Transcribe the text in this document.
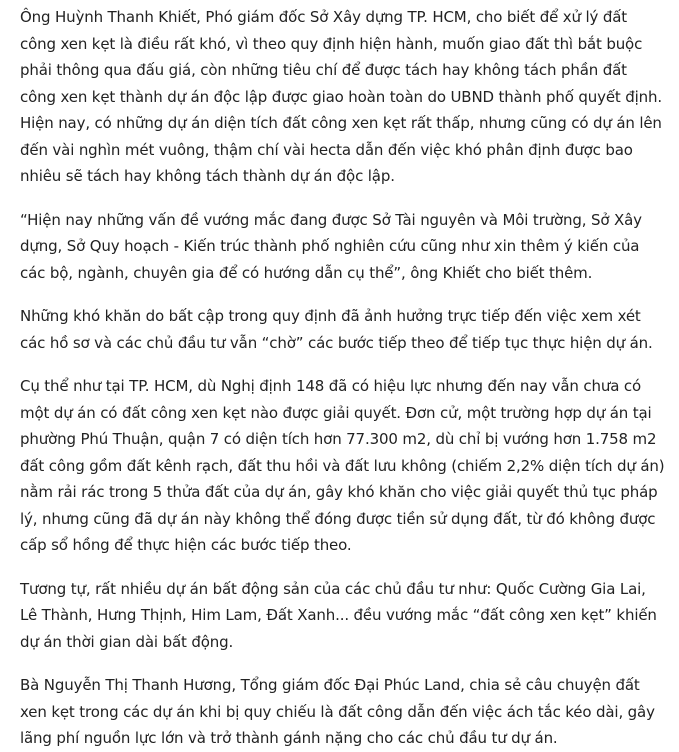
Ông Huỳnh Thanh Khiết, Phó giám đốc Sở Xây dựng TP. HCM, cho biết để xử lý đất công xen kẹt là điều rất khó, vì theo quy định hiện hành, muốn giao đất thì bắt buộc phải thông qua đấu giá, còn những tiêu chí để được tách hay không tách phần đất công xen kẹt thành dự án độc lập được giao hoàn toàn do UBND thành phố quyết định. Hiện nay, có những dự án diện tích đất công xen kẹt rất thấp, nhưng cũng có dự án lên đến vài nghìn mét vuông, thậm chí vài hecta dẫn đến việc khó phân định được bao nhiêu sẽ tách hay không tách thành dự án độc lập.

“Hiện nay những vấn đề vướng mắc đang được Sở Tài nguyên và Môi trường, Sở Xây dựng, Sở Quy hoạch - Kiến trúc thành phố nghiên cứu cũng như xin thêm ý kiến của các bộ, ngành, chuyên gia để có hướng dẫn cụ thể”, ông Khiết cho biết thêm.

Những khó khăn do bất cập trong quy định đã ảnh hưởng trực tiếp đến việc xem xét các hồ sơ và các chủ đầu tư vẫn “chờ” các bước tiếp theo để tiếp tục thực hiện dự án.

Cụ thể như tại TP. HCM, dù Nghị định 148 đã có hiệu lực nhưng đến nay vẫn chưa có một dự án có đất công xen kẹt nào được giải quyết. Đơn cử, một trường hợp dự án tại phường Phú Thuận, quận 7 có diện tích hơn 77.300 m2, dù chỉ bị vướng hơn 1.758 m2 đất công gồm đất kênh rạch, đất thu hồi và đất lưu không (chiếm 2,2% diện tích dự án) nằm rải rác trong 5 thửa đất của dự án, gây khó khăn cho việc giải quyết thủ tục pháp lý, nhưng cũng đã dự án này không thể đóng được tiền sử dụng đất, từ đó không được cấp sổ hồng để thực hiện các bước tiếp theo.

Tương tự, rất nhiều dự án bất động sản của các chủ đầu tư như: Quốc Cường Gia Lai, Lê Thành, Hưng Thịnh, Him Lam, Đất Xanh... đều vướng mắc “đất công xen kẹt” khiến dự án thời gian dài bất động.

Bà Nguyễn Thị Thanh Hương, Tổng giám đốc Đại Phúc Land, chia sẻ câu chuyện đất xen kẹt trong các dự án khi bị quy chiếu là đất công dẫn đến việc ách tắc kéo dài, gây lãng phí nguồn lực lớn và trở thành gánh nặng cho các chủ đầu tư dự án.
